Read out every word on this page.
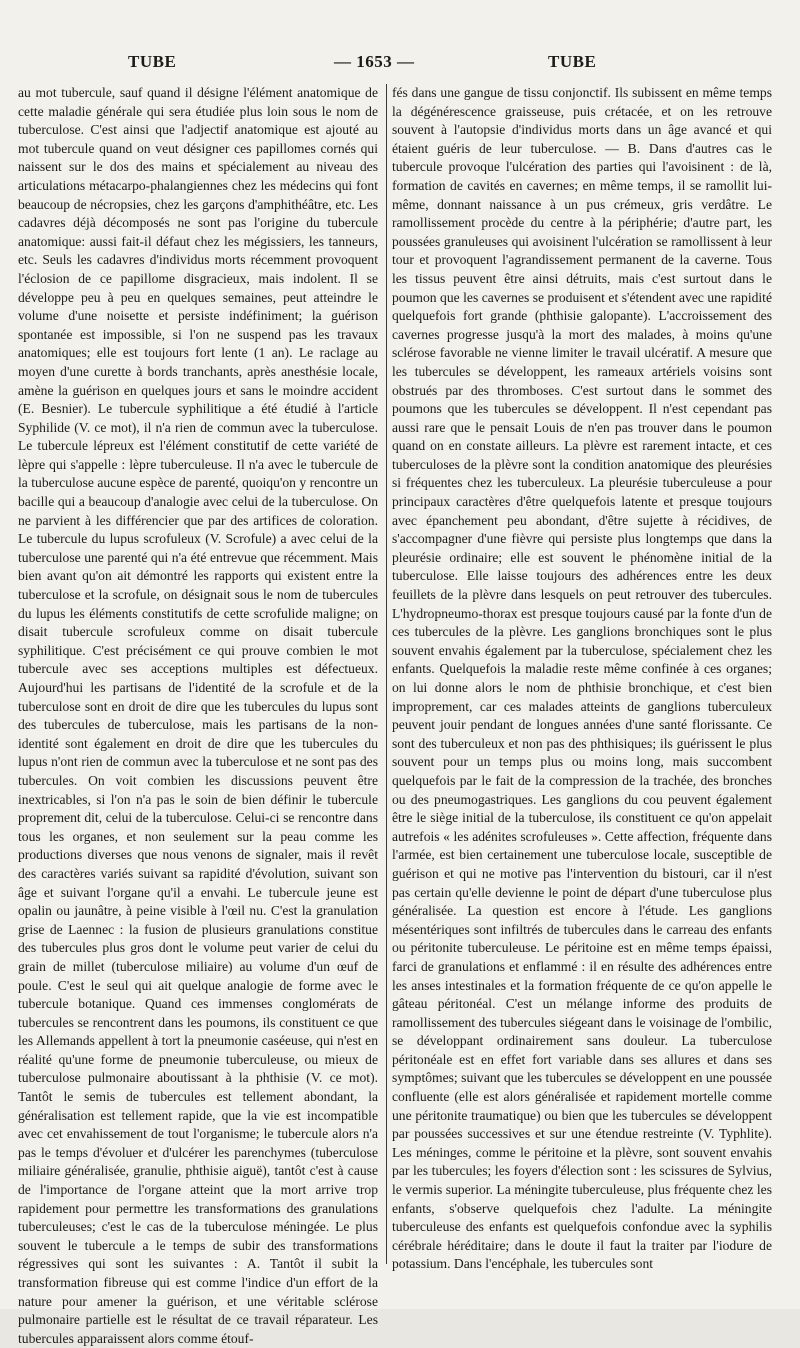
TUBE	— 1653 —	TUBE

au mot tubercule, sauf quand il désigne l'élément anatomique de cette maladie générale qui sera étudiée plus loin sous le nom de tuberculose. C'est ainsi que l'adjectif anatomique est ajouté au mot tubercule quand on veut désigner ces papillomes cornés qui naissent sur le dos des mains et spécialement au niveau des articulations métacarpo-phalangiennes chez les médecins qui font beaucoup de nécropsies, chez les garçons d'amphithéâtre, etc. Les cadavres déjà décomposés ne sont pas l'origine du tubercule anatomique: aussi fait-il défaut chez les mégissiers, les tanneurs, etc. Seuls les cadavres d'individus morts récemment provoquent l'éclosion de ce papillome disgracieux, mais indolent. Il se développe peu à peu en quelques semaines, peut atteindre le volume d'une noisette et persiste indéfiniment; la guérison spontanée est impossible, si l'on ne suspend pas les travaux anatomiques; elle est toujours fort lente (1 an). Le raclage au moyen d'une curette à bords tranchants, après anesthésie locale, amène la guérison en quelques jours et sans le moindre accident (E. Besnier). Le tubercule syphilitique a été étudié à l'article Syphilide (V. ce mot), il n'a rien de commun avec la tuberculose. Le tubercule lépreux est l'élément constitutif de cette variété de lèpre qui s'appelle : lèpre tuberculeuse. Il n'a avec le tubercule de la tuberculose aucune espèce de parenté, quoiqu'on y rencontre un bacille qui a beaucoup d'analogie avec celui de la tuberculose. On ne parvient à les différencier que par des artifices de coloration. Le tubercule du lupus scrofuleux (V. Scrofule) a avec celui de la tuberculose une parenté qui n'a été entrevue que récemment. Mais bien avant qu'on ait démontré les rapports qui existent entre la tuberculose et la scrofule, on désignait sous le nom de tubercules du lupus les éléments constitutifs de cette scrofulide maligne; on disait tubercule scrofuleux comme on disait tubercule syphilitique. C'est précisément ce qui prouve combien le mot tubercule avec ses acceptions multiples est défectueux. Aujourd'hui les partisans de l'identité de la scrofule et de la tuberculose sont en droit de dire que les tubercules du lupus sont des tubercules de tuberculose, mais les partisans de la non-identité sont également en droit de dire que les tubercules du lupus n'ont rien de commun avec la tuberculose et ne sont pas des tubercules. On voit combien les discussions peuvent être inextricables, si l'on n'a pas le soin de bien définir le tubercule proprement dit, celui de la tuberculose. Celui-ci se rencontre dans tous les organes, et non seulement sur la peau comme les productions diverses que nous venons de signaler, mais il revêt des caractères variés suivant sa rapidité d'évolution, suivant son âge et suivant l'organe qu'il a envahi. Le tubercule jeune est opalin ou jaunâtre, à peine visible à l'œil nu. C'est la granulation grise de Laennec : la fusion de plusieurs granulations constitue des tubercules plus gros dont le volume peut varier de celui du grain de millet (tuberculose miliaire) au volume d'un œuf de poule. C'est le seul qui ait quelque analogie de forme avec le tubercule botanique. Quand ces immenses conglomérats de tubercules se rencontrent dans les poumons, ils constituent ce que les Allemands appellent à tort la pneumonie caséeuse, qui n'est en réalité qu'une forme de pneumonie tuberculeuse, ou mieux de tuberculose pulmonaire aboutissant à la phthisie (V. ce mot). Tantôt le semis de tubercules est tellement abondant, la généralisation est tellement rapide, que la vie est incompatible avec cet envahissement de tout l'organisme; le tubercule alors n'a pas le temps d'évoluer et d'ulcérer les parenchymes (tuberculose miliaire généralisée, granulie, phthisie aiguë), tantôt c'est à cause de l'importance de l'organe atteint que la mort arrive trop rapidement pour permettre les transformations des granulations tuberculeuses; c'est le cas de la tuberculose méningée. Le plus souvent le tubercule a le temps de subir des transformations régressives qui sont les suivantes : A. Tantôt il subit la transformation fibreuse qui est comme l'indice d'un effort de la nature pour amener la guérison, et une véritable sclérose pulmonaire partielle est le résultat de ce travail réparateur. Les tubercules apparaissent alors comme étouf-

fés dans une gangue de tissu conjonctif. Ils subissent en même temps la dégénérescence graisseuse, puis crétacée, et on les retrouve souvent à l'autopsie d'individus morts dans un âge avancé et qui étaient guéris de leur tuberculose. — B. Dans d'autres cas le tubercule provoque l'ulcération des parties qui l'avoisinent : de là, formation de cavités en cavernes; en même temps, il se ramollit lui-même, donnant naissance à un pus crémeux, gris verdâtre. Le ramollissement procède du centre à la périphérie; d'autre part, les poussées granuleuses qui avoisinent l'ulcération se ramollissent à leur tour et provoquent l'agrandissement permanent de la caverne. Tous les tissus peuvent être ainsi détruits, mais c'est surtout dans le poumon que les cavernes se produisent et s'étendent avec une rapidité quelquefois fort grande (phthisie galopante). L'accroissement des cavernes progresse jusqu'à la mort des malades, à moins qu'une sclérose favorable ne vienne limiter le travail ulcératif. A mesure que les tubercules se développent, les rameaux artériels voisins sont obstrués par des thromboses. C'est surtout dans le sommet des poumons que les tubercules se développent. Il n'est cependant pas aussi rare que le pensait Louis de n'en pas trouver dans le poumon quand on en constate ailleurs. La plèvre est rarement intacte, et ces tuberculoses de la plèvre sont la condition anatomique des pleurésies si fréquentes chez les tuberculeux. La pleurésie tuberculeuse a pour principaux caractères d'être quelquefois latente et presque toujours avec épanchement peu abondant, d'être sujette à récidives, de s'accompagner d'une fièvre qui persiste plus longtemps que dans la pleurésie ordinaire; elle est souvent le phénomène initial de la tuberculose. Elle laisse toujours des adhérences entre les deux feuillets de la plèvre dans lesquels on peut retrouver des tubercules. L'hydropneumo-thorax est presque toujours causé par la fonte d'un de ces tubercules de la plèvre. Les ganglions bronchiques sont le plus souvent envahis également par la tuberculose, spécialement chez les enfants. Quelquefois la maladie reste même confinée à ces organes; on lui donne alors le nom de phthisie bronchique, et c'est bien improprement, car ces malades atteints de ganglions tuberculeux peuvent jouir pendant de longues années d'une santé florissante. Ce sont des tuberculeux et non pas des phthisiques; ils guérissent le plus souvent pour un temps plus ou moins long, mais succombent quelquefois par le fait de la compression de la trachée, des bronches ou des pneumogastriques. Les ganglions du cou peuvent également être le siège initial de la tuberculose, ils constituent ce qu'on appelait autrefois « les adénites scrofuleuses ». Cette affection, fréquente dans l'armée, est bien certainement une tuberculose locale, susceptible de guérison et qui ne motive pas l'intervention du bistouri, car il n'est pas certain qu'elle devienne le point de départ d'une tuberculose plus généralisée. La question est encore à l'étude. Les ganglions mésentériques sont infiltrés de tubercules dans le carreau des enfants ou péritonite tuberculeuse. Le péritoine est en même temps épaissi, farci de granulations et enflammé : il en résulte des adhérences entre les anses intestinales et la formation fréquente de ce qu'on appelle le gâteau péritonéal. C'est un mélange informe des produits de ramollissement des tubercules siégeant dans le voisinage de l'ombilic, se développant ordinairement sans douleur. La tuberculose péritonéale est en effet fort variable dans ses allures et dans ses symptômes; suivant que les tubercules se développent en une poussée confluente (elle est alors généralisée et rapidement mortelle comme une péritonite traumatique) ou bien que les tubercules se développent par poussées successives et sur une étendue restreinte (V. Typhlite). Les méninges, comme le péritoine et la plèvre, sont souvent envahis par les tubercules; les foyers d'élection sont : les scissures de Sylvius, le vermis superior. La méningite tuberculeuse, plus fréquente chez les enfants, s'observe quelquefois chez l'adulte. La méningite tuberculeuse des enfants est quelquefois confondue avec la syphilis cérébrale héréditaire; dans le doute il faut la traiter par l'iodure de potassium. Dans l'encéphale, les tubercules sont
